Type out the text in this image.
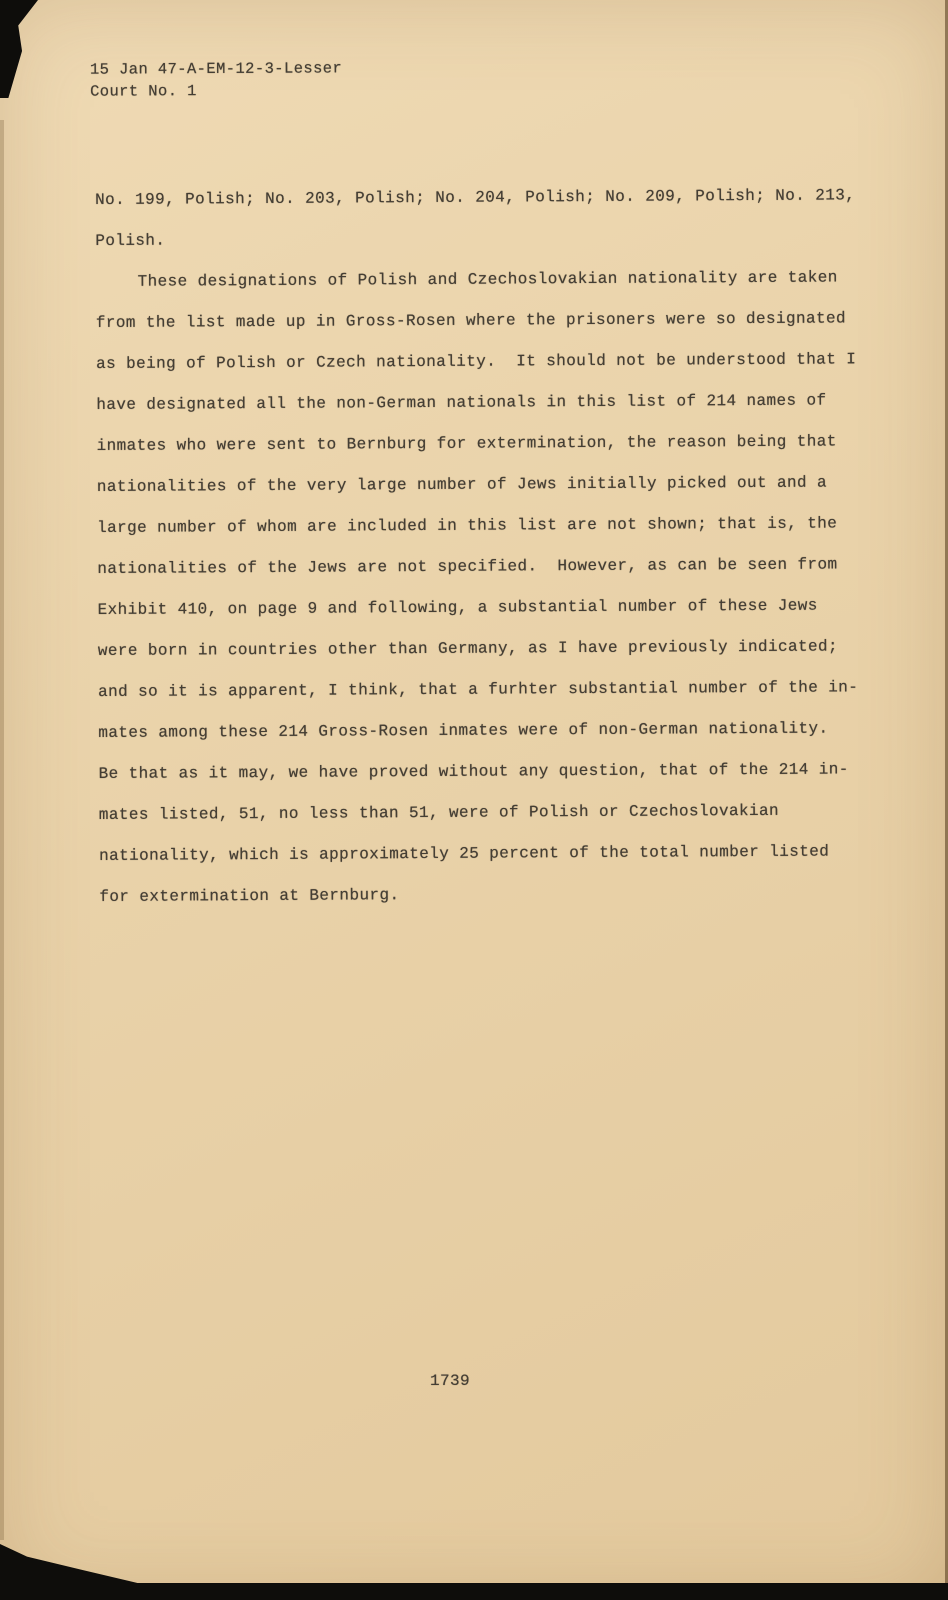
15 Jan 47-A-EM-12-3-Lesser
Court No. 1
No. 199, Polish; No. 203, Polish; No. 204, Polish; No. 209, Polish; No. 213,
Polish.
These designations of Polish and Czechoslovakian nationality are taken
from the list made up in Gross-Rosen where the prisoners were so designated
as being of Polish or Czech nationality.  It should not be understood that I
have designated all the non-German nationals in this list of 214 names of
inmates who were sent to Bernburg for extermination, the reason being that
nationalities of the very large number of Jews initially picked out and a
large number of whom are included in this list are not shown; that is, the
nationalities of the Jews are not specified.  However, as can be seen from
Exhibit 410, on page 9 and following, a substantial number of these Jews
were born in countries other than Germany, as I have previously indicated;
and so it is apparent, I think, that a furhter substantial number of the in-
mates among these 214 Gross-Rosen inmates were of non-German nationality.
Be that as it may, we have proved without any question, that of the 214 in-
mates listed, 51, no less than 51, were of Polish or Czechoslovakian
nationality, which is approximately 25 percent of the total number listed
for extermination at Bernburg.
1739
